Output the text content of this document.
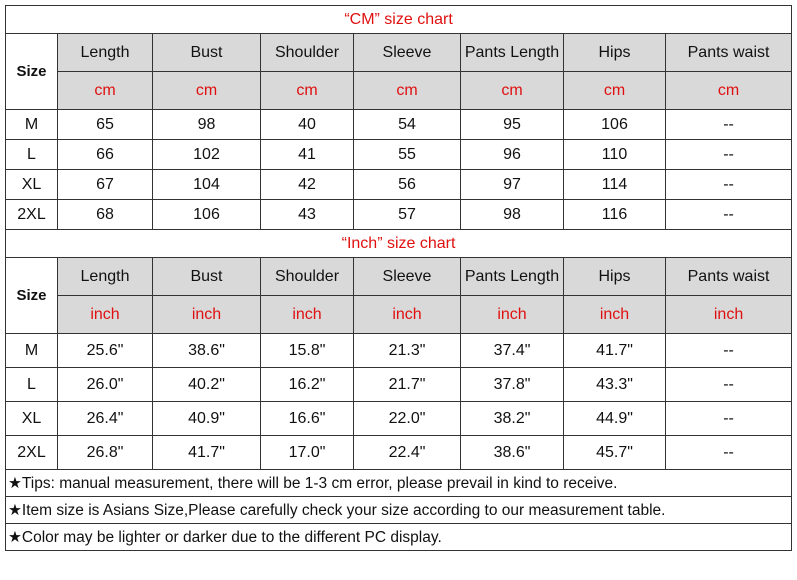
“CM” size chart							
Size	Length	Bust	Shoulder	Sleeve	Pants Length	Hips	Pants waist
	cm	cm	cm	cm	cm	cm	cm
M	65	98	40	54	95	106	--
L	66	102	41	55	96	110	--
XL	67	104	42	56	97	114	--
2XL	68	106	43	57	98	116	--
“Inch” size chart							
Size	Length	Bust	Shoulder	Sleeve	Pants Length	Hips	Pants waist
	inch	inch	inch	inch	inch	inch	inch
M	25.6"	38.6"	15.8"	21.3"	37.4"	41.7"	--
L	26.0"	40.2"	16.2"	21.7"	37.8"	43.3"	--
XL	26.4"	40.9"	16.6"	22.0"	38.2"	44.9"	--
2XL	26.8"	41.7"	17.0"	22.4"	38.6"	45.7"	--
★Tips: manual measurement, there will be 1-3 cm error, please prevail in kind to receive.							
★Item size is Asians Size,Please carefully check your size according to our measurement table.							
★Color may be lighter or darker due to the different PC display.							
